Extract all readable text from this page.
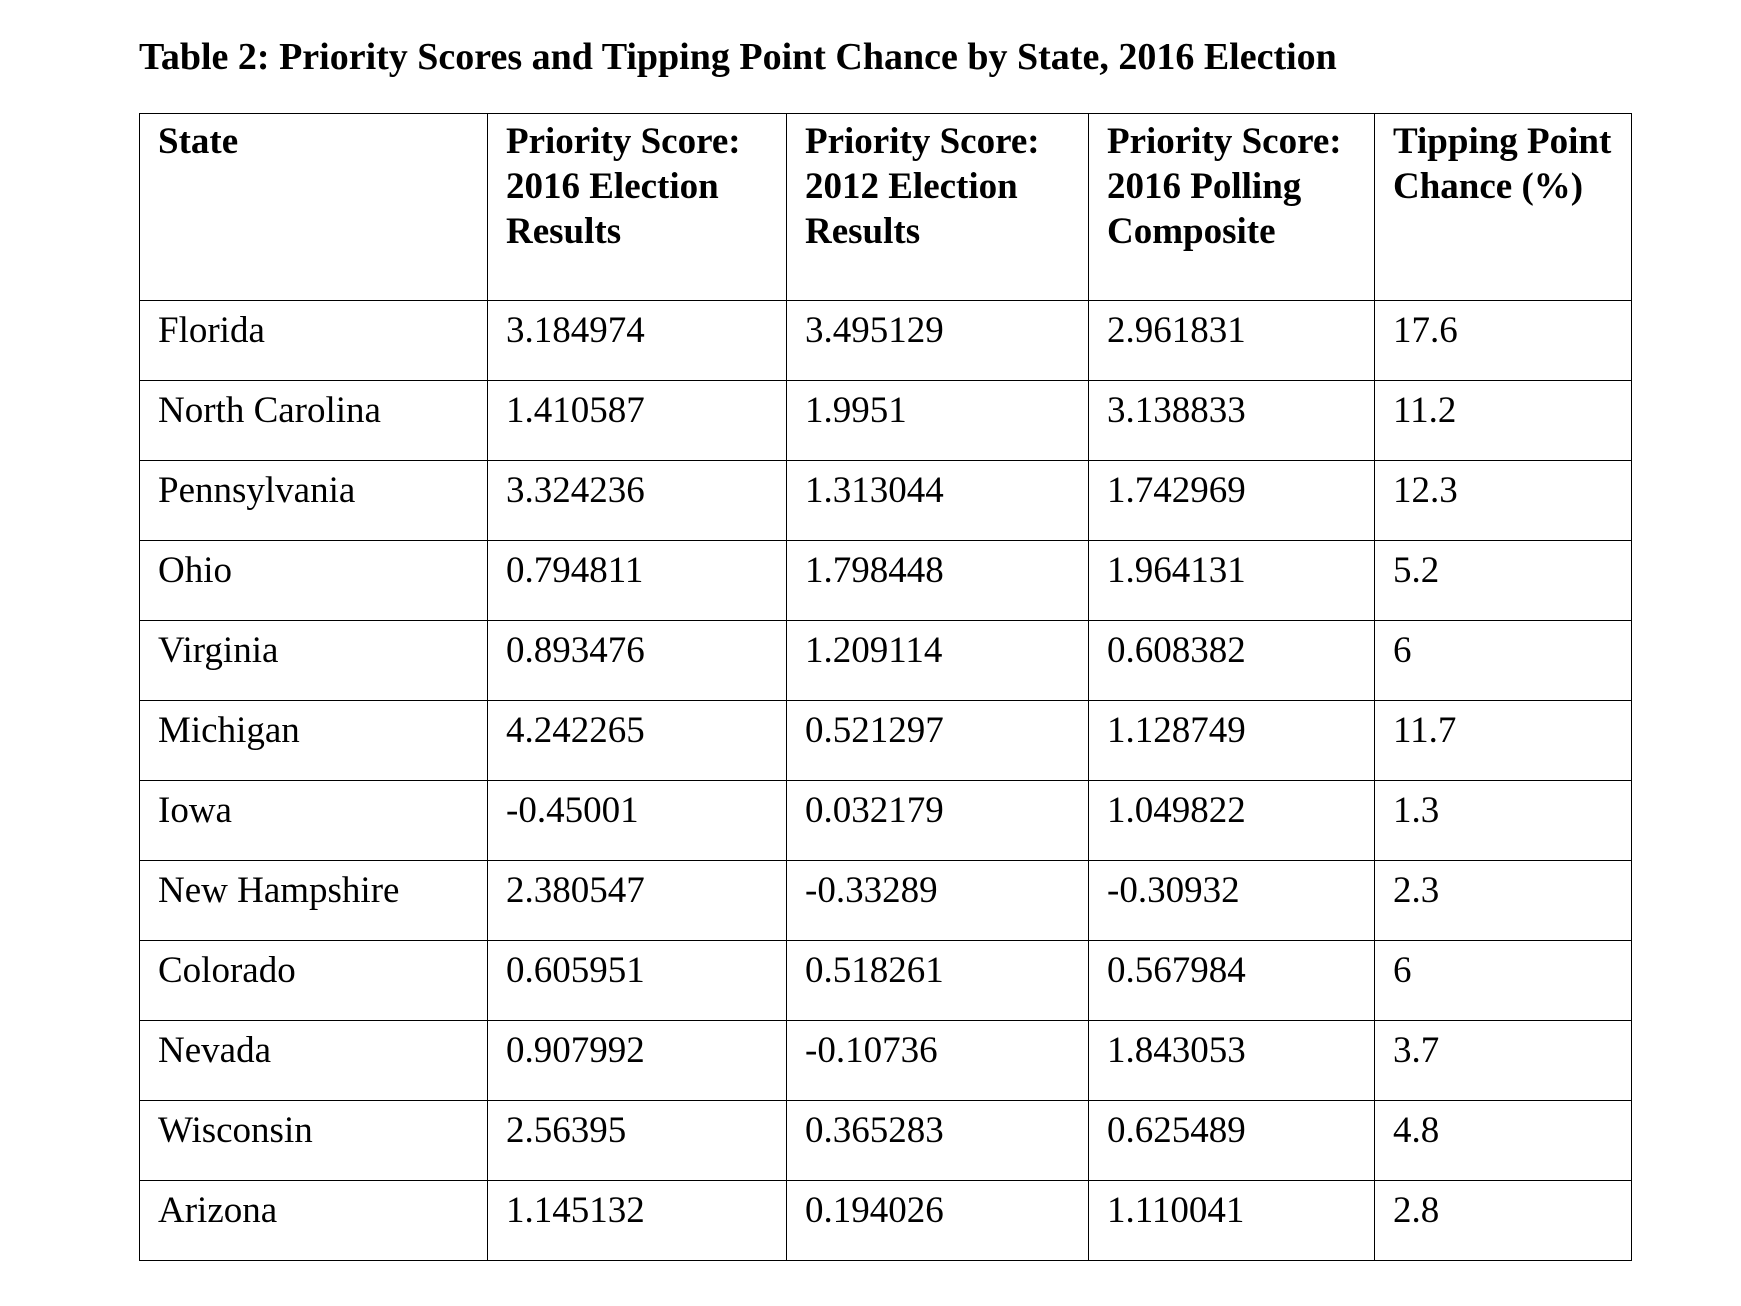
Table 2: Priority Scores and Tipping Point Chance by State, 2016 Election
State	Priority Score: 2016 Election Results	Priority Score: 2012 Election Results	Priority Score: 2016 Polling Composite	Tipping Point Chance (%)
Florida	3.184974	3.495129	2.961831	17.6
North Carolina	1.410587	1.9951	3.138833	11.2
Pennsylvania	3.324236	1.313044	1.742969	12.3
Ohio	0.794811	1.798448	1.964131	5.2
Virginia	0.893476	1.209114	0.608382	6
Michigan	4.242265	0.521297	1.128749	11.7
Iowa	-0.45001	0.032179	1.049822	1.3
New Hampshire	2.380547	-0.33289	-0.30932	2.3
Colorado	0.605951	0.518261	0.567984	6
Nevada	0.907992	-0.10736	1.843053	3.7
Wisconsin	2.56395	0.365283	0.625489	4.8
Arizona	1.145132	0.194026	1.110041	2.8
